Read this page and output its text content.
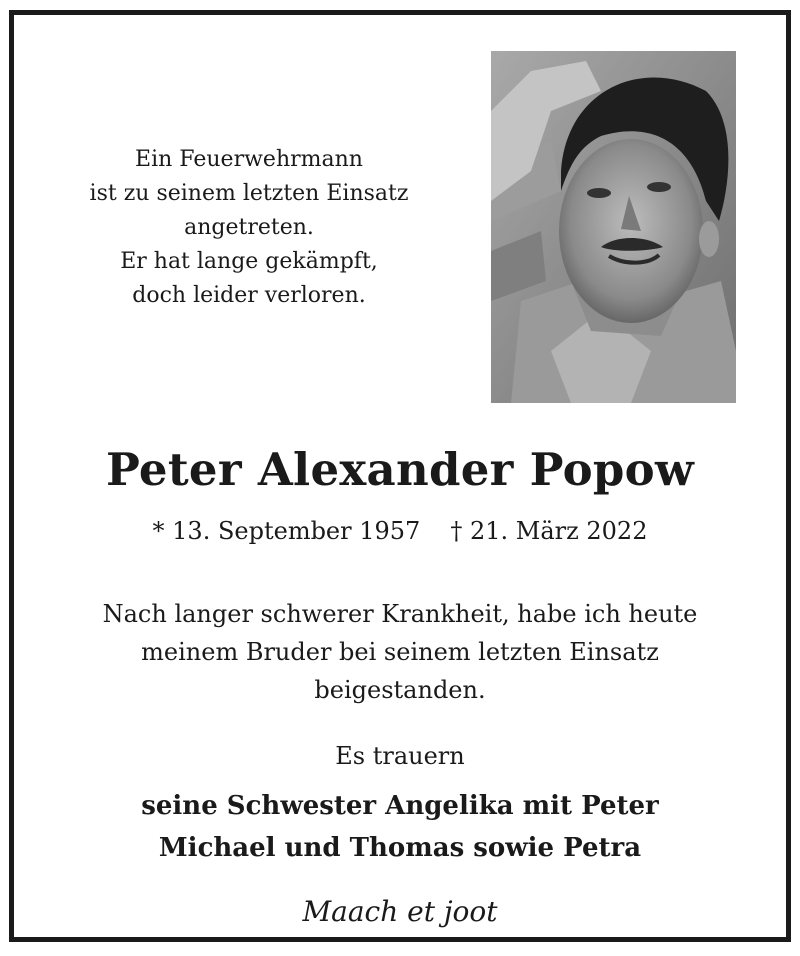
Ein Feuerwehrmann
ist zu seinem letzten Einsatz
angetreten.
Er hat lange gekämpft,
doch leider verloren.
Peter Alexander Popow
* 13. September 1957 † 21. März 2022
Nach langer schwerer Krankheit, habe ich heute
meinem Bruder bei seinem letzten Einsatz
beigestanden.
Es trauern
seine Schwester Angelika mit Peter
Michael und Thomas sowie Petra
Maach et joot
